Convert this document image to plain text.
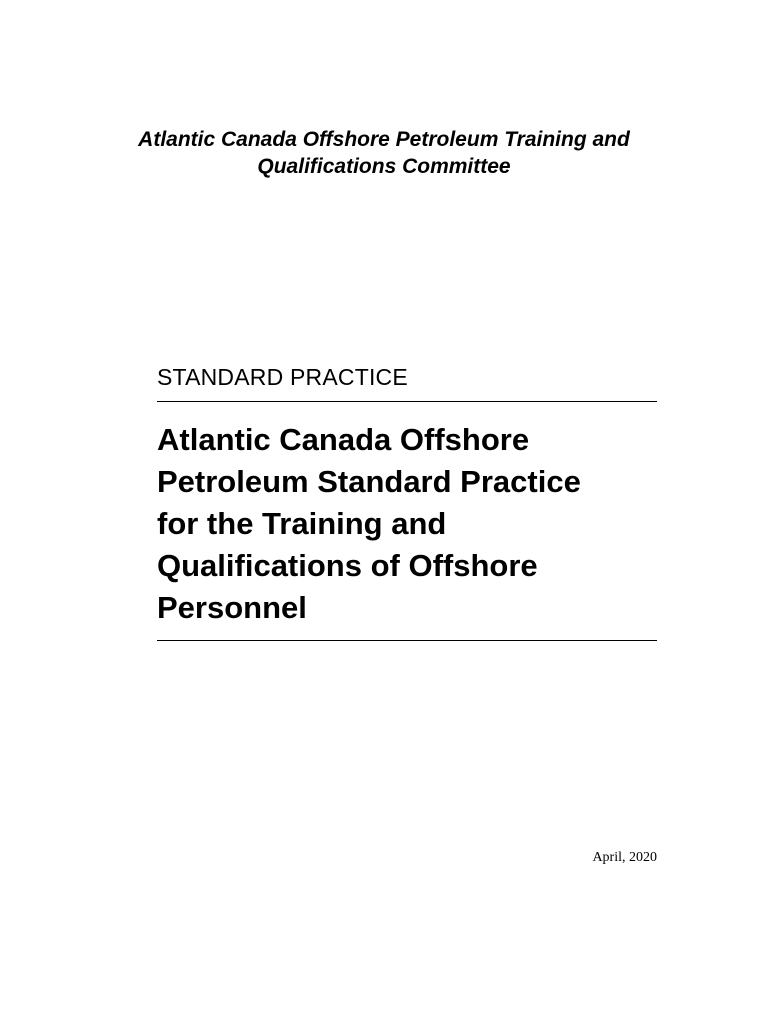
Atlantic Canada Offshore Petroleum Training and
Qualifications Committee
STANDARD PRACTICE
Atlantic Canada Offshore
Petroleum Standard Practice
for the Training and
Qualifications of Offshore
Personnel
April, 2020
